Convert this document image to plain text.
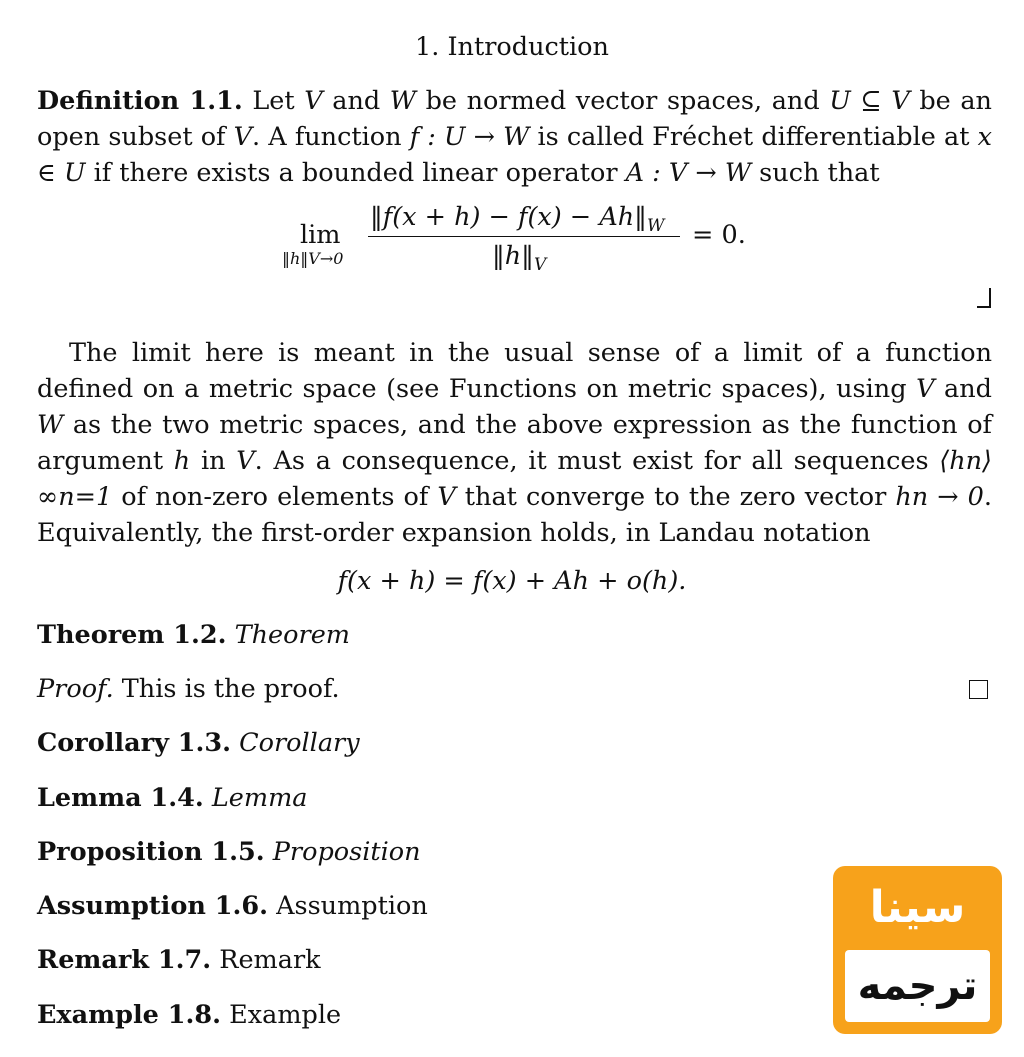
1. Introduction
Definition 1.1. Let V and W be normed vector spaces, and U ⊆ V be an open subset of V. A function f : U → W is called Fréchet differentiable at x ∈ U if there exists a bounded linear operator A : V → W such that
lim
‖h‖V→0
‖f(x + $h) - f(x) - Ah‖_W$
$‖h‖_V$
= 0.
The limit here is meant in the usual sense of a limit of a function defined on a metric space (see Functions on metric spaces), using V and W as the two metric spaces, and the above expression as the function of argument h in V. As a consequence, it must exist for all sequences ⟨hn⟩∞n=1 of non-zero elements of V that converge to the zero vector hn → 0. Equivalently, the first-order expansion holds, in Landau notation
f(x + h) = f(x) + Ah + o(h).
Theorem 1.2. Theorem
Proof. This is the proof.
Corollary 1.3. Corollary
Lemma 1.4. Lemma
Proposition 1.5. Proposition
Assumption 1.6. Assumption
Remark 1.7. Remark
Example 1.8. Example
سینا
ترجمه
